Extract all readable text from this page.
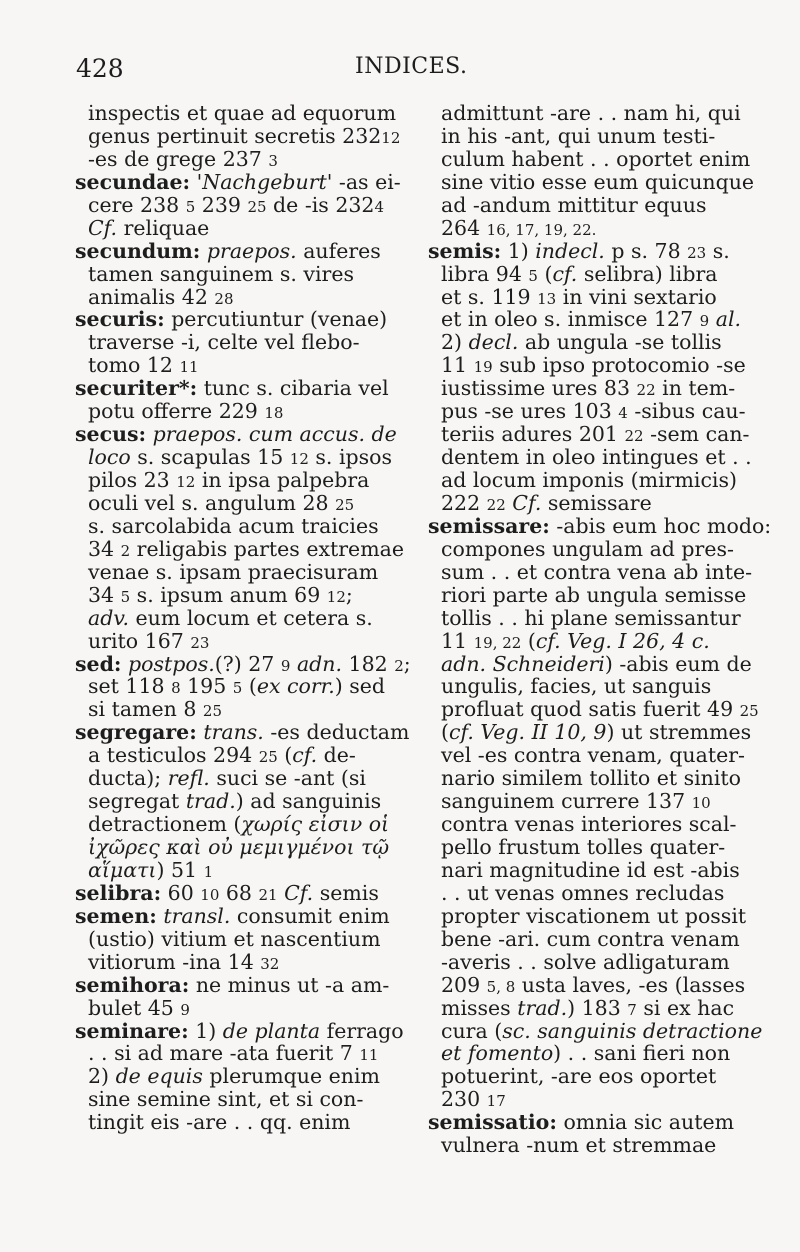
428	INDICES.
inspectis et quae ad equorum
genus pertinuit secretis 23212
-es de grege 237 3
secundae: 'Nachgeburt' -as ei-
cere 238 5 239 25 de -is 2324
Cf. reliquae
secundum: praepos. auferes
tamen sanguinem s. vires
animalis 42 28
securis: percutiuntur (venae)
traverse -i, celte vel flebo-
tomo 12 11
securiter*: tunc s. cibaria vel
potu offerre 229 18
secus: praepos. cum accus. de
loco s. scapulas 15 12 s. ipsos
pilos 23 12 in ipsa palpebra
oculi vel s. angulum 28 25
s. sarcolabida acum traicies
34 2 religabis partes extremae
venae s. ipsam praecisuram
34 5 s. ipsum anum 69 12;
adv. eum locum et cetera s.
urito 167 23
sed: postpos.(?) 27 9 adn. 182 2;
set 118 8 195 5 (ex corr.) sed
si tamen 8 25
segregare: trans. -es deductam
a testiculos 294 25 (cf. de-
ducta); refl. suci se -ant (si
segregat trad.) ad sanguinis
detractionem (χωρίς εἰσιν οἱ
ἰχῶρες καὶ οὐ μεμιγμένοι τῷ
αἵματι) 51 1
selibra: 60 10 68 21 Cf. semis
semen: transl. consumit enim
(ustio) vitium et nascentium
vitiorum -ina 14 32
semihora: ne minus ut -a am-
bulet 45 9
seminare: 1) de planta ferrago
. . si ad mare -ata fuerit 7 11
2) de equis plerumque enim
sine semine sint, et si con-
tingit eis -are . . qq. enim
admittunt -are . . nam hi, qui
in his -ant, qui unum testi-
culum habent . . oportet enim
sine vitio esse eum quicunque
ad -andum mittitur equus
264 16, 17, 19, 22.
semis: 1) indecl. p s. 78 23 s.
libra 94 5 (cf. selibra) libra
et s. 119 13 in vini sextario
et in oleo s. inmisce 127 9 al.
2) decl. ab ungula -se tollis
11 19 sub ipso protocomio -se
iustissime ures 83 22 in tem-
pus -se ures 103 4 -sibus cau-
teriis adures 201 22 -sem can-
dentem in oleo intingues et . .
ad locum imponis (mirmicis)
222 22 Cf. semissare
semissare: -abis eum hoc modo:
compones ungulam ad pres-
sum . . et contra vena ab inte-
riori parte ab ungula semisse
tollis . . hi plane semissantur
11 19, 22 (cf. Veg. I 26, 4 c.
adn. Schneideri) -abis eum de
ungulis, facies, ut sanguis
profluat quod satis fuerit 49 25
(cf. Veg. II 10, 9) ut stremmes
vel -es contra venam, quater-
nario similem tollito et sinito
sanguinem currere 137 10
contra venas interiores scal-
pello frustum tolles quater-
nari magnitudine id est -abis
. . ut venas omnes recludas
propter viscationem ut possit
bene -ari. cum contra venam
-averis . . solve adligaturam
209 5, 8 usta laves, -es (lasses
misses trad.) 183 7 si ex hac
cura (sc. sanguinis detractione
et fomento) . . sani fieri non
potuerint, -are eos oportet
230 17
semissatio: omnia sic autem
vulnera -num et stremmae
